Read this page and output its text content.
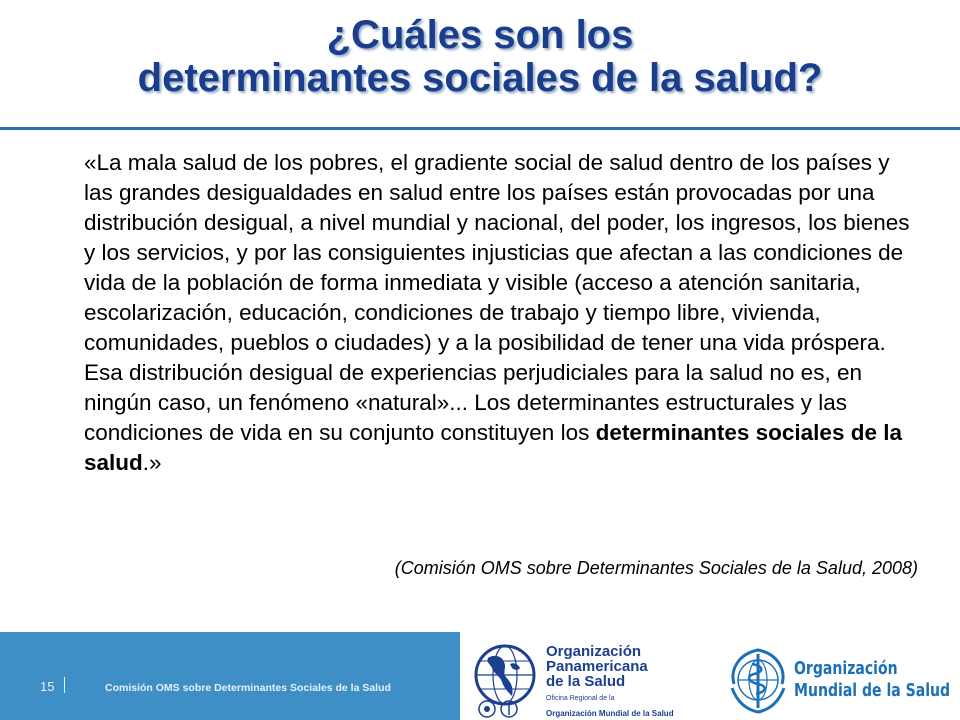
¿Cuáles son los
determinantes sociales de la salud?

«La mala salud de los pobres, el gradiente social de salud dentro de los países y las grandes desigualdades en salud entre los países están provocadas por una distribución desigual, a nivel mundial y nacional, del poder, los ingresos, los bienes y los servicios, y por las consiguientes injusticias que afectan a las condiciones de vida de la población de forma inmediata y visible (acceso a atención sanitaria, escolarización, educación, condiciones de trabajo y tiempo libre, vivienda, comunidades, pueblos o ciudades) y a la posibilidad de tener una vida próspera. Esa distribución desigual de experiencias perjudiciales para la salud no es, en ningún caso, un fenómeno «natural»... Los determinantes estructurales y las condiciones de vida en su conjunto constituyen los determinantes sociales de la salud.»

(Comisión OMS sobre Determinantes Sociales de la Salud, 2008)

15	Comisión OMS sobre Determinantes Sociales de la Salud
Organización
Panamericana
de la Salud
Oficina Regional de la
Organización Mundial de la Salud
Organización
Mundial de la Salud
